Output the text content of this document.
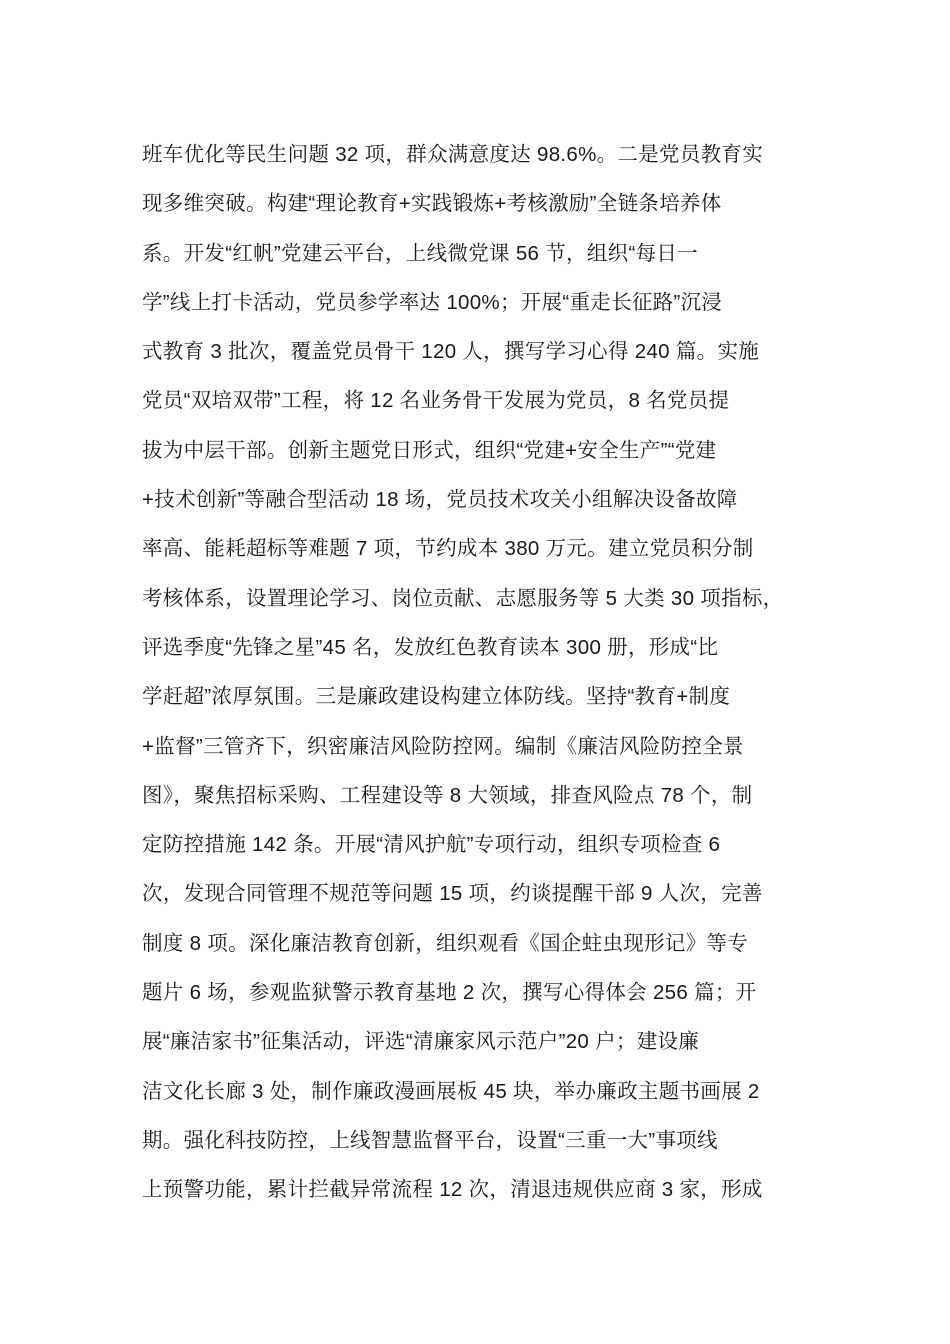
班车优化等民生问题 32 项，群众满意度达 98.6%。二是党员教育实
现多维突破。构建“理论教育+实践锻炼+考核激励”全链条培养体
系。开发“红帆”党建云平台，上线微党课 56 节，组织“每日一
学”线上打卡活动，党员参学率达 100%；开展“重走长征路”沉浸
式教育 3 批次，覆盖党员骨干 120 人，撰写学习心得 240 篇。实施
党员“双培双带”工程，将 12 名业务骨干发展为党员，8 名党员提
拔为中层干部。创新主题党日形式，组织“党建+安全生产”“党建
+技术创新”等融合型活动 18 场，党员技术攻关小组解决设备故障
率高、能耗超标等难题 7 项，节约成本 380 万元。建立党员积分制
考核体系，设置理论学习、岗位贡献、志愿服务等 5 大类 30 项指标，
评选季度“先锋之星”45 名，发放红色教育读本 300 册，形成“比
学赶超”浓厚氛围。三是廉政建设构建立体防线。坚持“教育+制度
+监督”三管齐下，织密廉洁风险防控网。编制《廉洁风险防控全景
图》，聚焦招标采购、工程建设等 8 大领域，排查风险点 78 个，制
定防控措施 142 条。开展“清风护航”专项行动，组织专项检查 6
次，发现合同管理不规范等问题 15 项，约谈提醒干部 9 人次，完善
制度 8 项。深化廉洁教育创新，组织观看《国企蛀虫现形记》等专
题片 6 场，参观监狱警示教育基地 2 次，撰写心得体会 256 篇；开
展“廉洁家书”征集活动，评选“清廉家风示范户”20 户；建设廉
洁文化长廊 3 处，制作廉政漫画展板 45 块，举办廉政主题书画展 2
期。强化科技防控，上线智慧监督平台，设置“三重一大”事项线
上预警功能，累计拦截异常流程 12 次，清退违规供应商 3 家，形成
